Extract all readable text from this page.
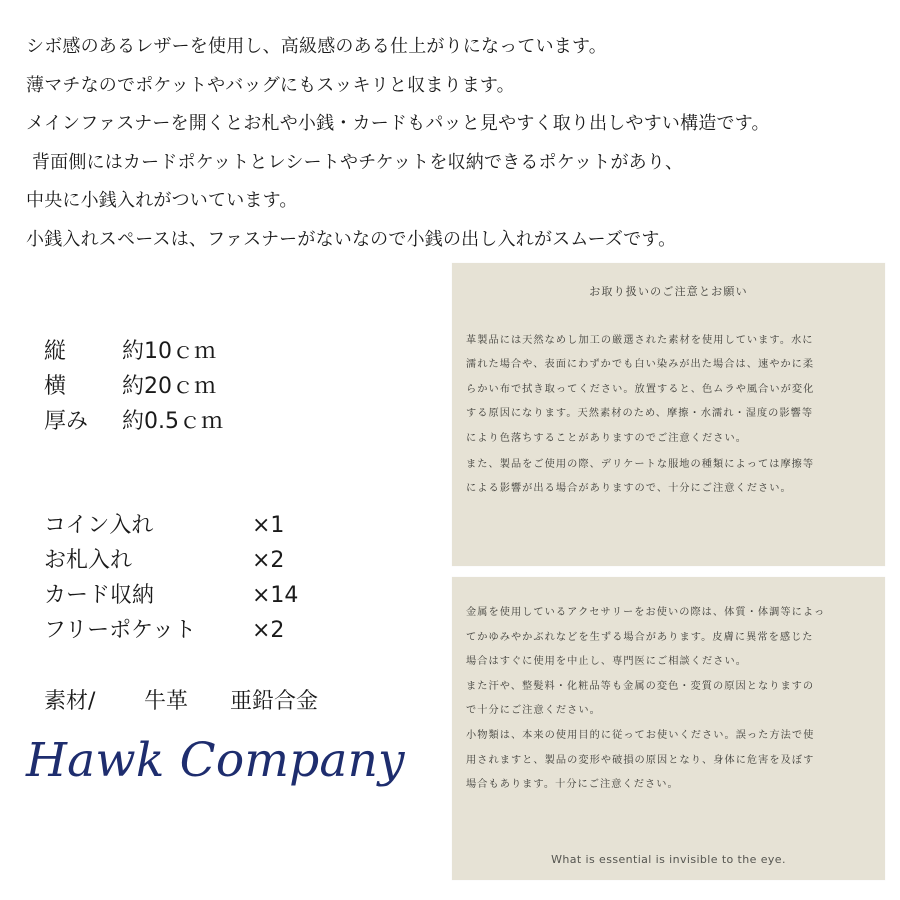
シボ感のあるレザーを使用し、高級感のある仕上がりになっています。
薄マチなのでポケットやバッグにもスッキリと収まります。
メインファスナーを開くとお札や小銭・カードもパッと見やすく取り出しやすい構造です。
背面側にはカードポケットとレシートやチケットを収納できるポケットがあり、
中央に小銭入れがついています。
小銭入れスペースは、ファスナーがないなので小銭の出し入れがスムーズです。
縦	約10ｃｍ
横	約20ｃｍ
厚み 約0.5ｃｍ
コイン入れ	×1
お札入れ	×2
カード収納	×14
フリーポケット	×2
素材/ 牛革 亜鉛合金
Hawk Company
お取り扱いのご注意とお願い
革製品には天然なめし加工の厳選された素材を使用しています。水に
濡れた場合や、表面にわずかでも白い染みが出た場合は、速やかに柔
らかい布で拭き取ってください。放置すると、色ムラや風合いが変化
する原因になります。天然素材のため、摩擦・水濡れ・湿度の影響等
により色落ちすることがありますのでご注意ください。
また、製品をご使用の際、デリケートな服地の種類によっては摩擦等
による影響が出る場合がありますので、十分にご注意ください。
金属を使用しているアクセサリーをお使いの際は、体質・体調等によっ
てかゆみやかぶれなどを生ずる場合があります。皮膚に異常を感じた
場合はすぐに使用を中止し、専門医にご相談ください。
また汗や、整髪料・化粧品等も金属の変色・変質の原因となりますの
で十分にご注意ください。
小物類は、本来の使用目的に従ってお使いください。誤った方法で使
用されますと、製品の変形や破損の原因となり、身体に危害を及ぼす
場合もあります。十分にご注意ください。
What is essential is invisible to the eye.
